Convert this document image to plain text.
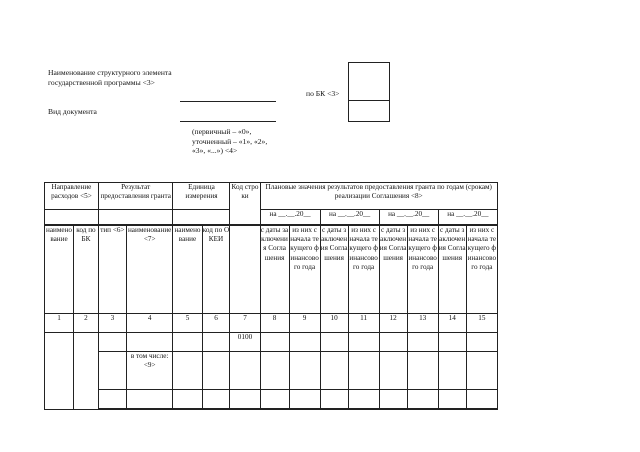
Наименование структурного элемента государственной программы <3>
Вид документа
(первичный – «0», уточненный – «1», «2», «3», «...») <4>
по БК <3>
Направление расходов <5>		Результат предоставления гранта		Единица измерения		Код строки	Плановые значения результатов предоставления гранта по годам (срокам) реализации Соглашения <8>							
							на __.__.20__		на __.__.20__		на __.__.20__		на __.__.20__	

наименование	код по БК	тип <6>	наименование <7>	наименование	код по ОКЕИ		с даты заключения Соглашения	из них с начала текущего финансового года	с даты заключения Соглашения	из них с начала текущего финансового года	с даты заключения Соглашения	из них с начала текущего финансового года	с даты заключения Соглашения	из них с начала текущего финансового года
1	2	3	4	5	6	7	8	9	10	11	12	13	14	15
						0100								
			в том числе: <9>											
